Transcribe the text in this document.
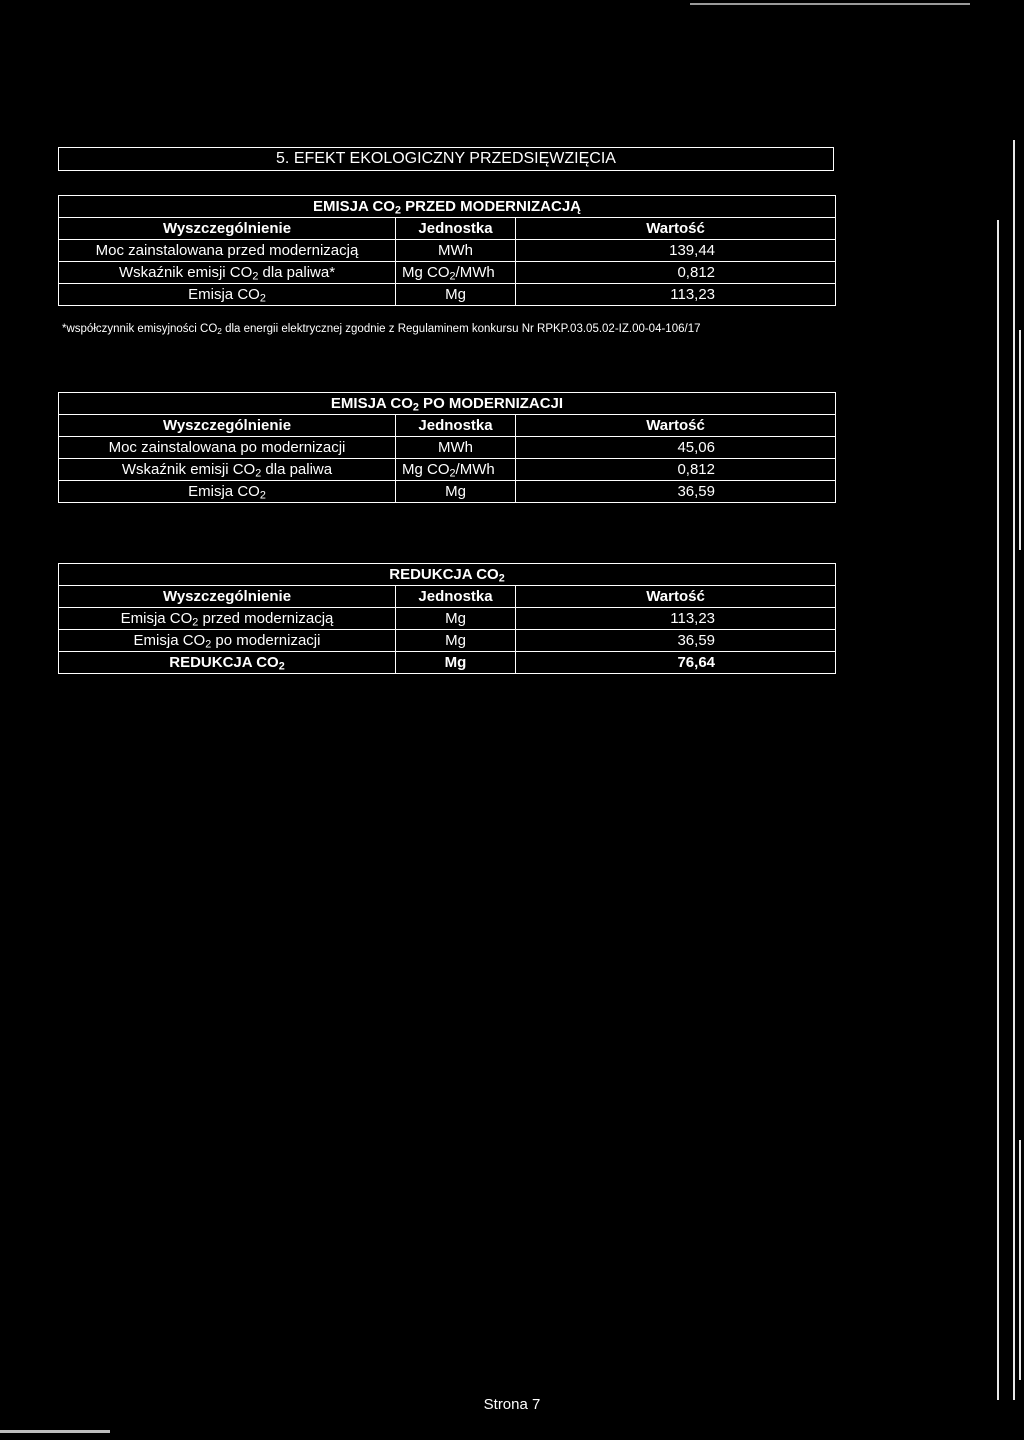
5. EFEKT EKOLOGICZNY PRZEDSIĘWZIĘCIA
EMISJA $CO_2$ PRZED MODERNIZACJĄ		
Wyszczególnienie	Jednostka	Wartość
Moc zainstalowana przed modernizacją	MWh	139,44
Wskaźnik emisji $CO_2$ dla paliwa*	Mg $CO_2$/MWh	0,812
Emisja $CO_2$	Mg	113,23
*współczynnik emisyjności $CO_2$ dla energii elektrycznej zgodnie z Regulaminem konkursu Nr RPKP.03.05.02-IZ.00-04-106/17
EMISJA $CO_2$ PO MODERNIZACJI		
Wyszczególnienie	Jednostka	Wartość
Moc zainstalowana po modernizacji	MWh	45,06
Wskaźnik emisji $CO_2$ dla paliwa	Mg $CO_2$/MWh	0,812
Emisja $CO_2$	Mg	36,59
REDUKCJA $CO_2$
Wyszczególnienie	Jednostka	Wartość
Emisja $CO_2$ przed modernizacją	Mg	113,23
Emisja $CO_2$ po modernizacji	Mg	36,59
REDUKCJA $CO_2$	Mg	76,64
Strona 7
